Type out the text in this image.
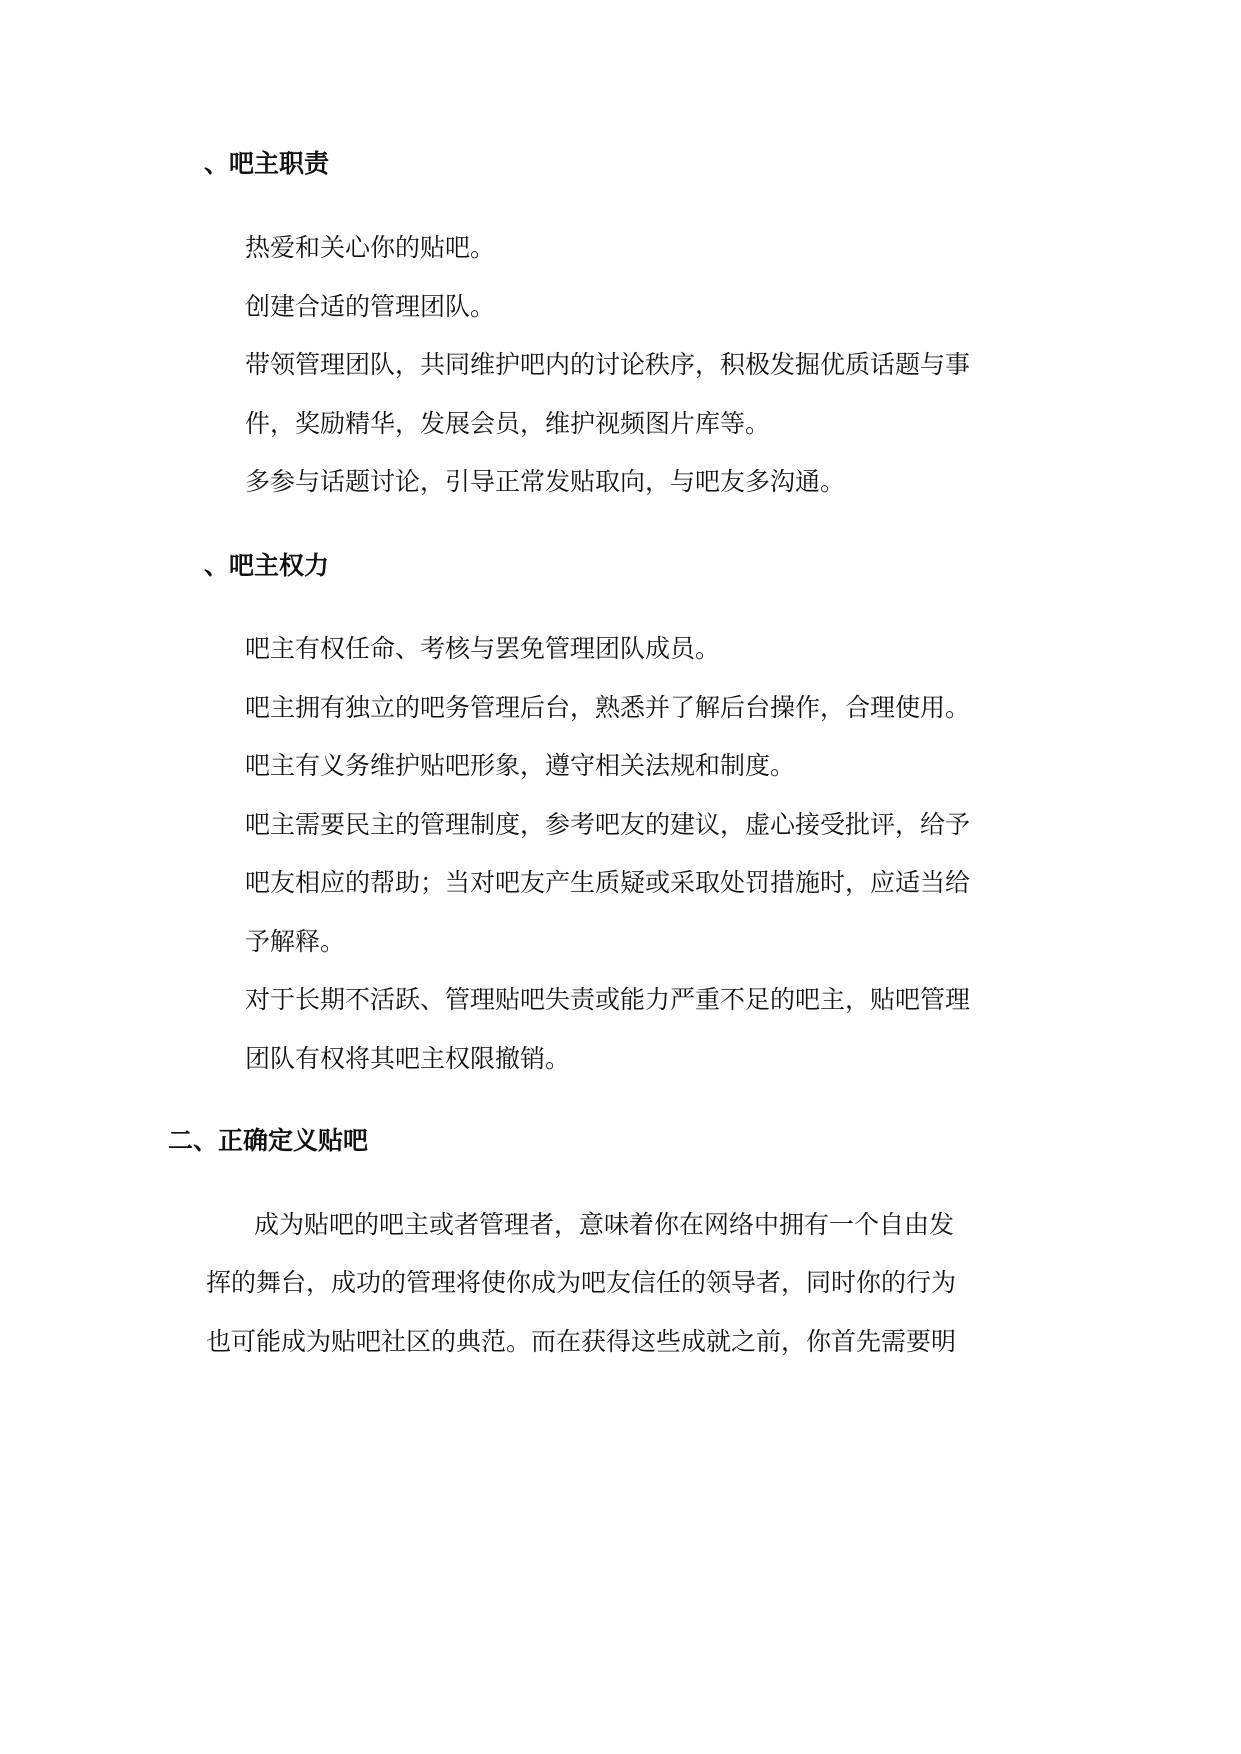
、吧主职责
热爱和关心你的贴吧。
创建合适的管理团队。
带领管理团队，共同维护吧内的讨论秩序，积极发掘优质话题与事
件，奖励精华，发展会员，维护视频图片库等。
多参与话题讨论，引导正常发贴取向，与吧友多沟通。
、吧主权力
吧主有权任命、考核与罢免管理团队成员。
吧主拥有独立的吧务管理后台，熟悉并了解后台操作，合理使用。
吧主有义务维护贴吧形象，遵守相关法规和制度。
吧主需要民主的管理制度，参考吧友的建议，虚心接受批评，给予
吧友相应的帮助；当对吧友产生质疑或采取处罚措施时，应适当给
予解释。
对于长期不活跃、管理贴吧失责或能力严重不足的吧主，贴吧管理
团队有权将其吧主权限撤销。
二、正确定义贴吧
成为贴吧的吧主或者管理者，意味着你在网络中拥有一个自由发
挥的舞台，成功的管理将使你成为吧友信任的领导者，同时你的行为
也可能成为贴吧社区的典范。而在获得这些成就之前，你首先需要明
